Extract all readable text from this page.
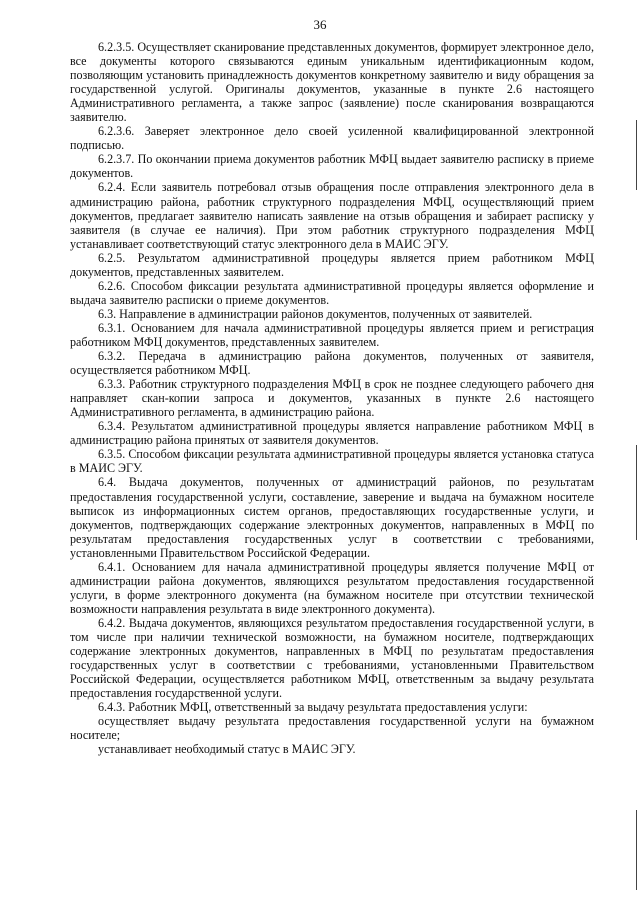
36

6.2.3.5. Осуществляет сканирование представленных документов, формирует электронное дело, все документы которого связываются единым уникальным идентификационным кодом, позволяющим установить принадлежность документов конкретному заявителю и виду обращения за государственной услугой. Оригиналы документов, указанные в пункте 2.6 настоящего Административного регламента, а также запрос (заявление) после сканирования возвращаются заявителю.

6.2.3.6. Заверяет электронное дело своей усиленной квалифицированной электронной подписью.

6.2.3.7. По окончании приема документов работник МФЦ выдает заявителю расписку в приеме документов.

6.2.4. Если заявитель потребовал отзыв обращения после отправления электронного дела в администрацию района, работник структурного подразделения МФЦ, осуществляющий прием документов, предлагает заявителю написать заявление на отзыв обращения и забирает расписку у заявителя (в случае ее наличия). При этом работник структурного подразделения МФЦ устанавливает соответствующий статус электронного дела в МАИС ЭГУ.

6.2.5. Результатом административной процедуры является прием работником МФЦ документов, представленных заявителем.

6.2.6. Способом фиксации результата административной процедуры является оформление и выдача заявителю расписки о приеме документов.

6.3. Направление в администрации районов документов, полученных от заявителей.

6.3.1. Основанием для начала административной процедуры является прием и регистрация работником МФЦ документов, представленных заявителем.

6.3.2. Передача в администрацию района документов, полученных от заявителя, осуществляется работником МФЦ.

6.3.3. Работник структурного подразделения МФЦ в срок не позднее следующего рабочего дня направляет скан-копии запроса и документов, указанных в пункте 2.6 настоящего Административного регламента, в администрацию района.

6.3.4. Результатом административной процедуры является направление работником МФЦ в администрацию района принятых от заявителя документов.

6.3.5. Способом фиксации результата административной процедуры является установка статуса в МАИС ЭГУ.

6.4. Выдача документов, полученных от администраций районов, по результатам предоставления государственной услуги, составление, заверение и выдача на бумажном носителе выписок из информационных систем органов, предоставляющих государственные услуги, и документов, подтверждающих содержание электронных документов, направленных в МФЦ по результатам предоставления государственных услуг в соответствии с требованиями, установленными Правительством Российской Федерации.

6.4.1. Основанием для начала административной процедуры является получение МФЦ от администрации района документов, являющихся результатом предоставления государственной услуги, в форме электронного документа (на бумажном носителе при отсутствии технической возможности направления результата в виде электронного документа).

6.4.2. Выдача документов, являющихся результатом предоставления государственной услуги, в том числе при наличии технической возможности, на бумажном носителе, подтверждающих содержание электронных документов, направленных в МФЦ по результатам предоставления государственных услуг в соответствии с требованиями, установленными Правительством Российской Федерации, осуществляется работником МФЦ, ответственным за выдачу результата предоставления государственной услуги.

6.4.3. Работник МФЦ, ответственный за выдачу результата предоставления услуги:

осуществляет выдачу результата предоставления государственной услуги на бумажном носителе;

устанавливает необходимый статус в МАИС ЭГУ.
